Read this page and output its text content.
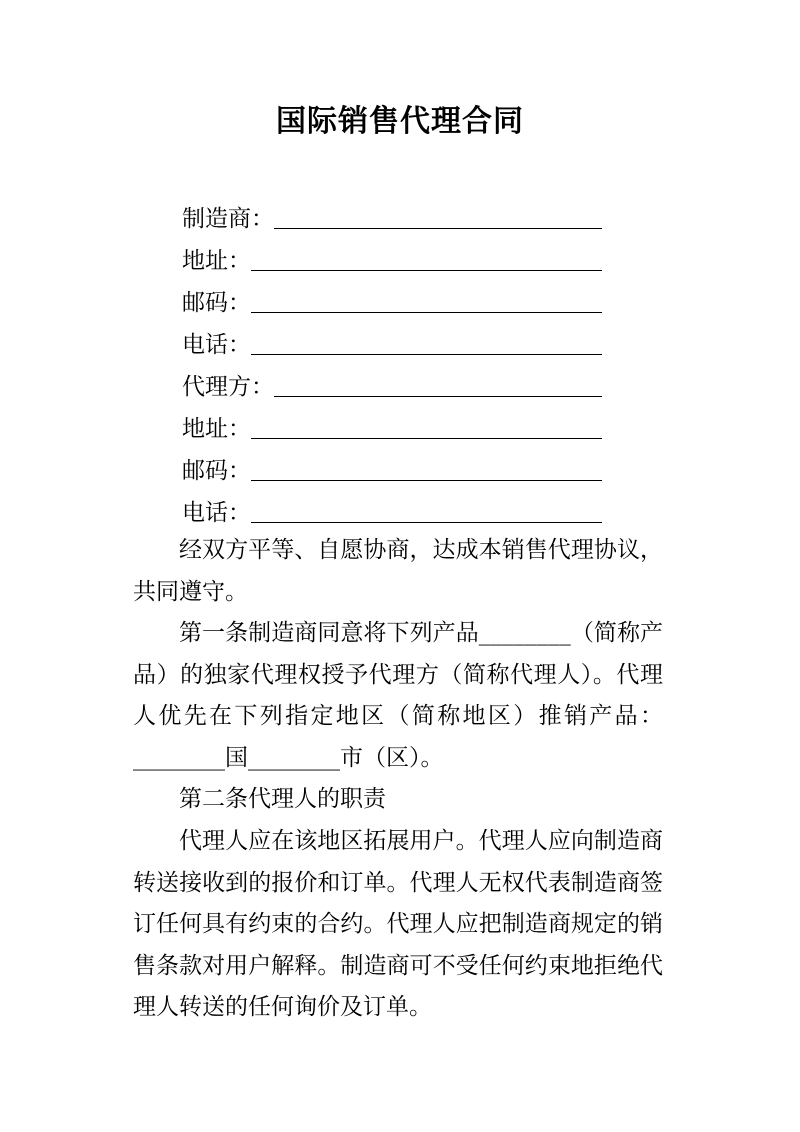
国际销售代理合同
制造商：
地址：
邮码：
电话：
代理方：
地址：
邮码：
电话：

经双方平等、自愿协商，达成本销售代理协议，共同遵守。

第一条制造商同意将下列产品________（简称产品）的独家代理权授予代理方（简称代理人）。代理人优先在下列指定地区（简称地区）推销产品：________国________市（区）。

第二条代理人的职责

代理人应在该地区拓展用户。代理人应向制造商转送接收到的报价和订单。代理人无权代表制造商签订任何具有约束的合约。代理人应把制造商规定的销售条款对用户解释。制造商可不受任何约束地拒绝代理人转送的任何询价及订单。
